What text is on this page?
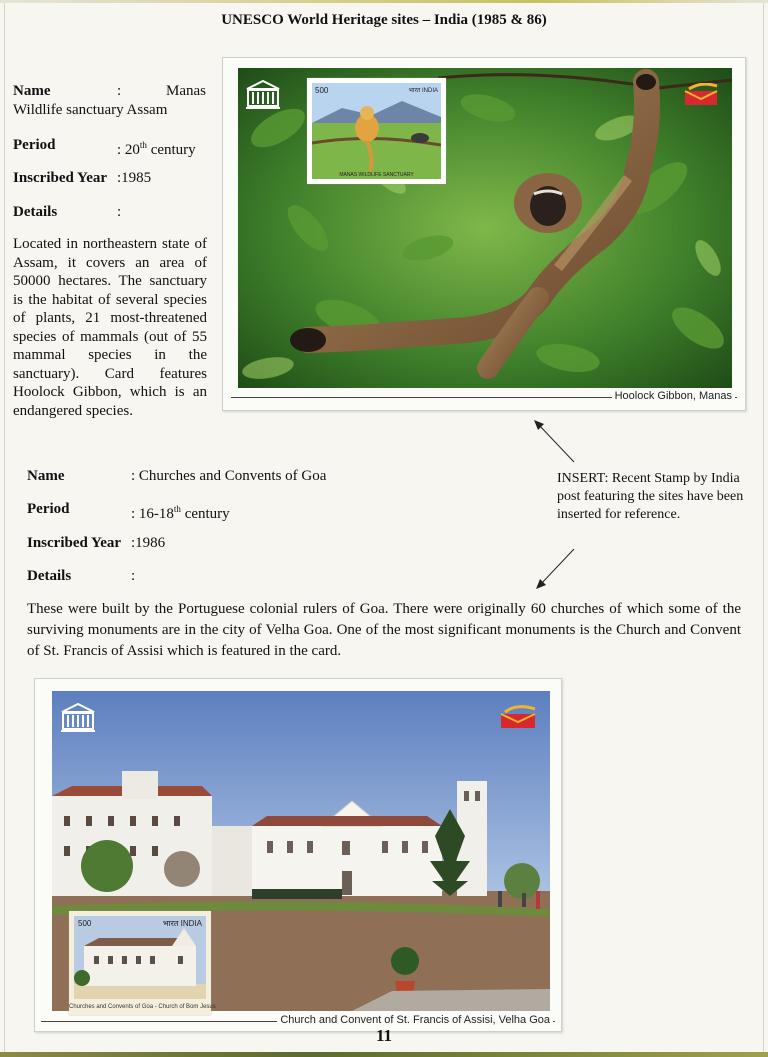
UNESCO World Heritage sites – India (1985 & 86)
Name	:	Manas
Wildlife sanctuary Assam
Period	: 20th century
Inscribed Year :1985
Details	:
Located in northeastern state of Assam, it covers an area of 50000 hectares. The sanctuary is the habitat of several species of plants, 21 most-threatened species of mammals (out of 55 mammal species in the sanctuary). Card features Hoolock Gibbon, which is an endangered species.
500	भारत INDIA
MANAS WILDLIFE SANCTUARY
Hoolock Gibbon, Manas
INSERT: Recent Stamp by India post featuring the sites have been inserted for reference.
Name	: Churches and Convents of Goa
Period	: 16-18th century
Inscribed Year :1986
Details	:
These were built by the Portuguese colonial rulers of Goa. There were originally 60 churches of which some of the surviving monuments are in the city of Velha Goa. One of the most significant monuments is the Church and Convent of St. Francis of Assisi which is featured in the card.
500	भारत INDIA
Churches and Convents of Goa - Church of Bom Jesus
Church and Convent of St. Francis of Assisi, Velha Goa
11
